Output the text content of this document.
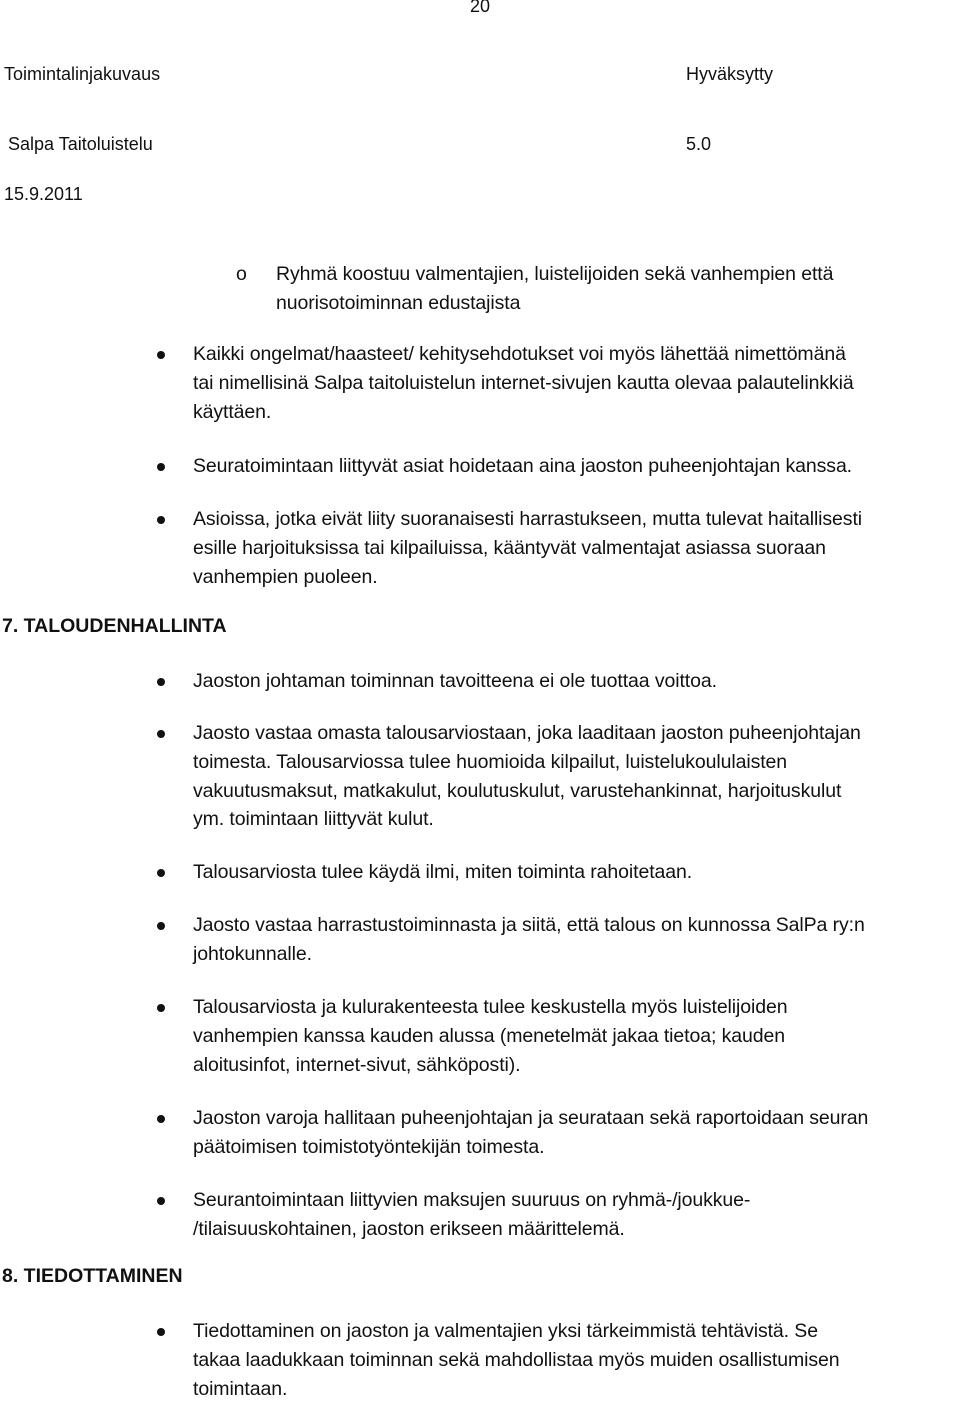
20
Toimintalinjakuvaus	Hyväksytty
Salpa Taitoluistelu	5.0
15.9.2011
o Ryhmä koostuu valmentajien, luistelijoiden sekä vanhempien että
nuorisotoiminnan edustajista
Kaikki ongelmat/haasteet/ kehitysehdotukset voi myös lähettää nimettömänä
tai nimellisinä Salpa taitoluistelun internet-sivujen kautta olevaa palautelinkkiä
käyttäen.
Seuratoimintaan liittyvät asiat hoidetaan aina jaoston puheenjohtajan kanssa.
Asioissa, jotka eivät liity suoranaisesti harrastukseen, mutta tulevat haitallisesti
esille harjoituksissa tai kilpailuissa, kääntyvät valmentajat asiassa suoraan
vanhempien puoleen.
7. TALOUDENHALLINTA
Jaoston johtaman toiminnan tavoitteena ei ole tuottaa voittoa.
Jaosto vastaa omasta talousarviostaan, joka laaditaan jaoston puheenjohtajan
toimesta. Talousarviossa tulee huomioida kilpailut, luistelukoululaisten
vakuutusmaksut, matkakulut, koulutuskulut, varustehankinnat, harjoituskulut
ym. toimintaan liittyvät kulut.
Talousarviosta tulee käydä ilmi, miten toiminta rahoitetaan.
Jaosto vastaa harrastustoiminnasta ja siitä, että talous on kunnossa SalPa ry:n
johtokunnalle.
Talousarviosta ja kulurakenteesta tulee keskustella myös luistelijoiden
vanhempien kanssa kauden alussa (menetelmät jakaa tietoa; kauden
aloitusinfot, internet-sivut, sähköposti).
Jaoston varoja hallitaan puheenjohtajan ja seurataan sekä raportoidaan seuran
päätoimisen toimistotyöntekijän toimesta.
Seurantoimintaan liittyvien maksujen suuruus on ryhmä-/joukkue-
/tilaisuuskohtainen, jaoston erikseen määrittelemä.
8. TIEDOTTAMINEN
Tiedottaminen on jaoston ja valmentajien yksi tärkeimmistä tehtävistä. Se
takaa laadukkaan toiminnan sekä mahdollistaa myös muiden osallistumisen
toimintaan.
